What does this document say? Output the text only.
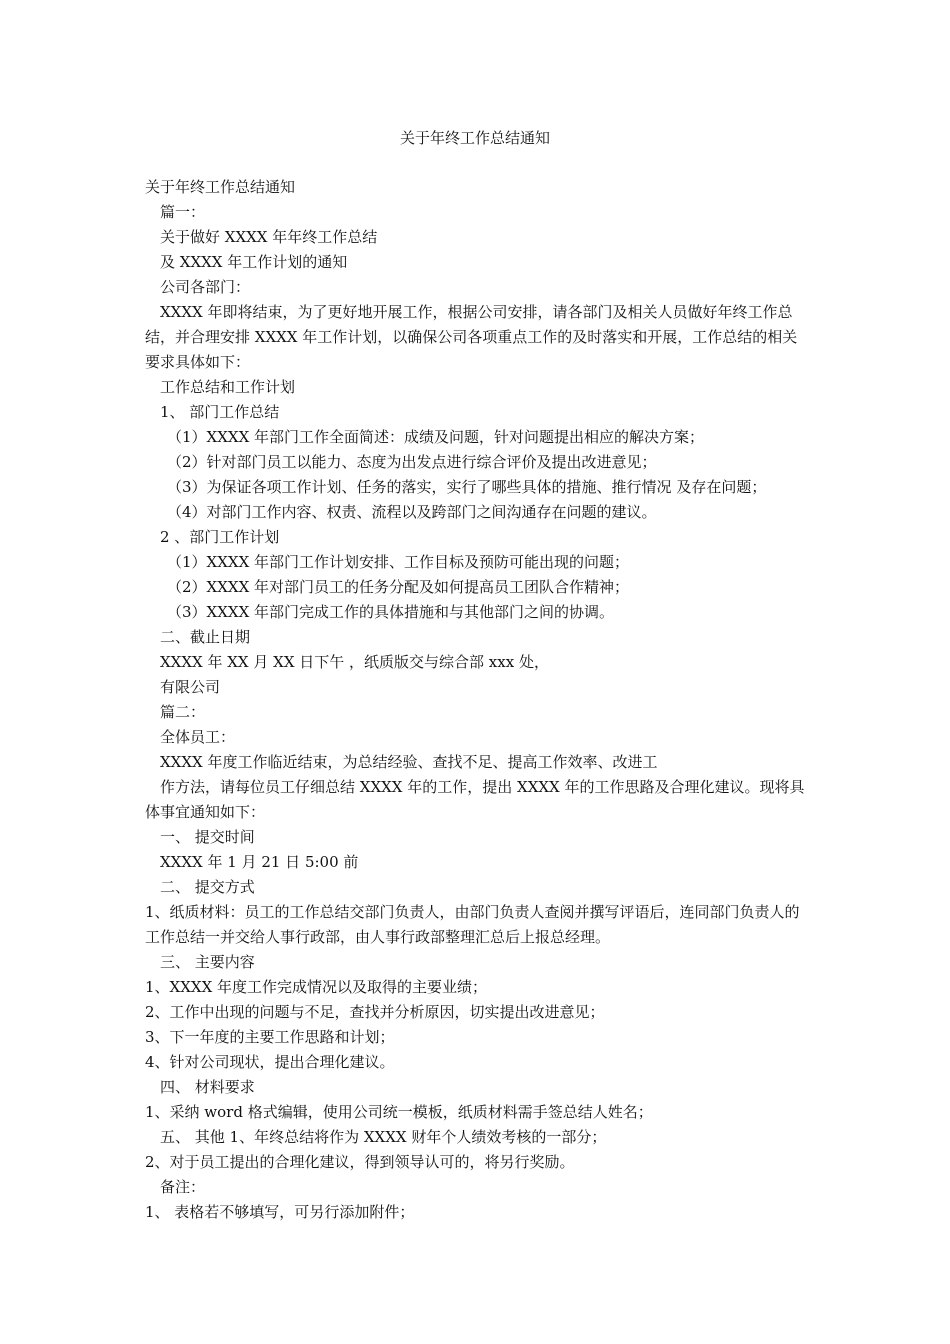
关于年终工作总结通知

关于年终工作总结通知

篇一：

关于做好 XXXX 年年终工作总结

及 XXXX 年工作计划的通知

公司各部门：

XXXX 年即将结束，为了更好地开展工作，根据公司安排，请各部门及相关人员做好年终工作总结，并合理安排 XXXX 年工作计划，以确保公司各项重点工作的及时落实和开展，工作总结的相关要求具体如下：

工作总结和工作计划

1、 部门工作总结

（1）XXXX 年部门工作全面简述：成绩及问题，针对问题提出相应的解决方案；

（2）针对部门员工以能力、态度为出发点进行综合评价及提出改进意见；

（3）为保证各项工作计划、任务的落实，实行了哪些具体的措施、推行情况 及存在问题；

（4）对部门工作内容、权责、流程以及跨部门之间沟通存在问题的建议。

2 、部门工作计划

（1）XXXX 年部门工作计划安排、工作目标及预防可能出现的问题；

（2）XXXX 年对部门员工的任务分配及如何提高员工团队合作精神；

（3）XXXX 年部门完成工作的具体措施和与其他部门之间的协调。

二、截止日期

XXXX 年 XX 月 XX 日下午 ，纸质版交与综合部 xxx 处，

有限公司

篇二：

全体员工：

XXXX 年度工作临近结束，为总结经验、查找不足、提高工作效率、改进工

作方法，请每位员工仔细总结 XXXX 年的工作，提出 XXXX 年的工作思路及合理化建议。现将具体事宜通知如下：

一、 提交时间

XXXX 年 1 月 21 日 5:00 前

二、 提交方式

1、纸质材料：员工的工作总结交部门负责人，由部门负责人查阅并撰写评语后，连同部门负责人的工作总结一并交给人事行政部，由人事行政部整理汇总后上报总经理。

三、 主要内容

1、XXXX 年度工作完成情况以及取得的主要业绩；

2、工作中出现的问题与不足，查找并分析原因，切实提出改进意见；

3、下一年度的主要工作思路和计划；

4、针对公司现状，提出合理化建议。

四、 材料要求

1、采纳 word 格式编辑，使用公司统一模板，纸质材料需手签总结人姓名；

五、 其他 1、年终总结将作为 XXXX 财年个人绩效考核的一部分；

2、对于员工提出的合理化建议，得到领导认可的，将另行奖励。

备注：

1、 表格若不够填写，可另行添加附件；
